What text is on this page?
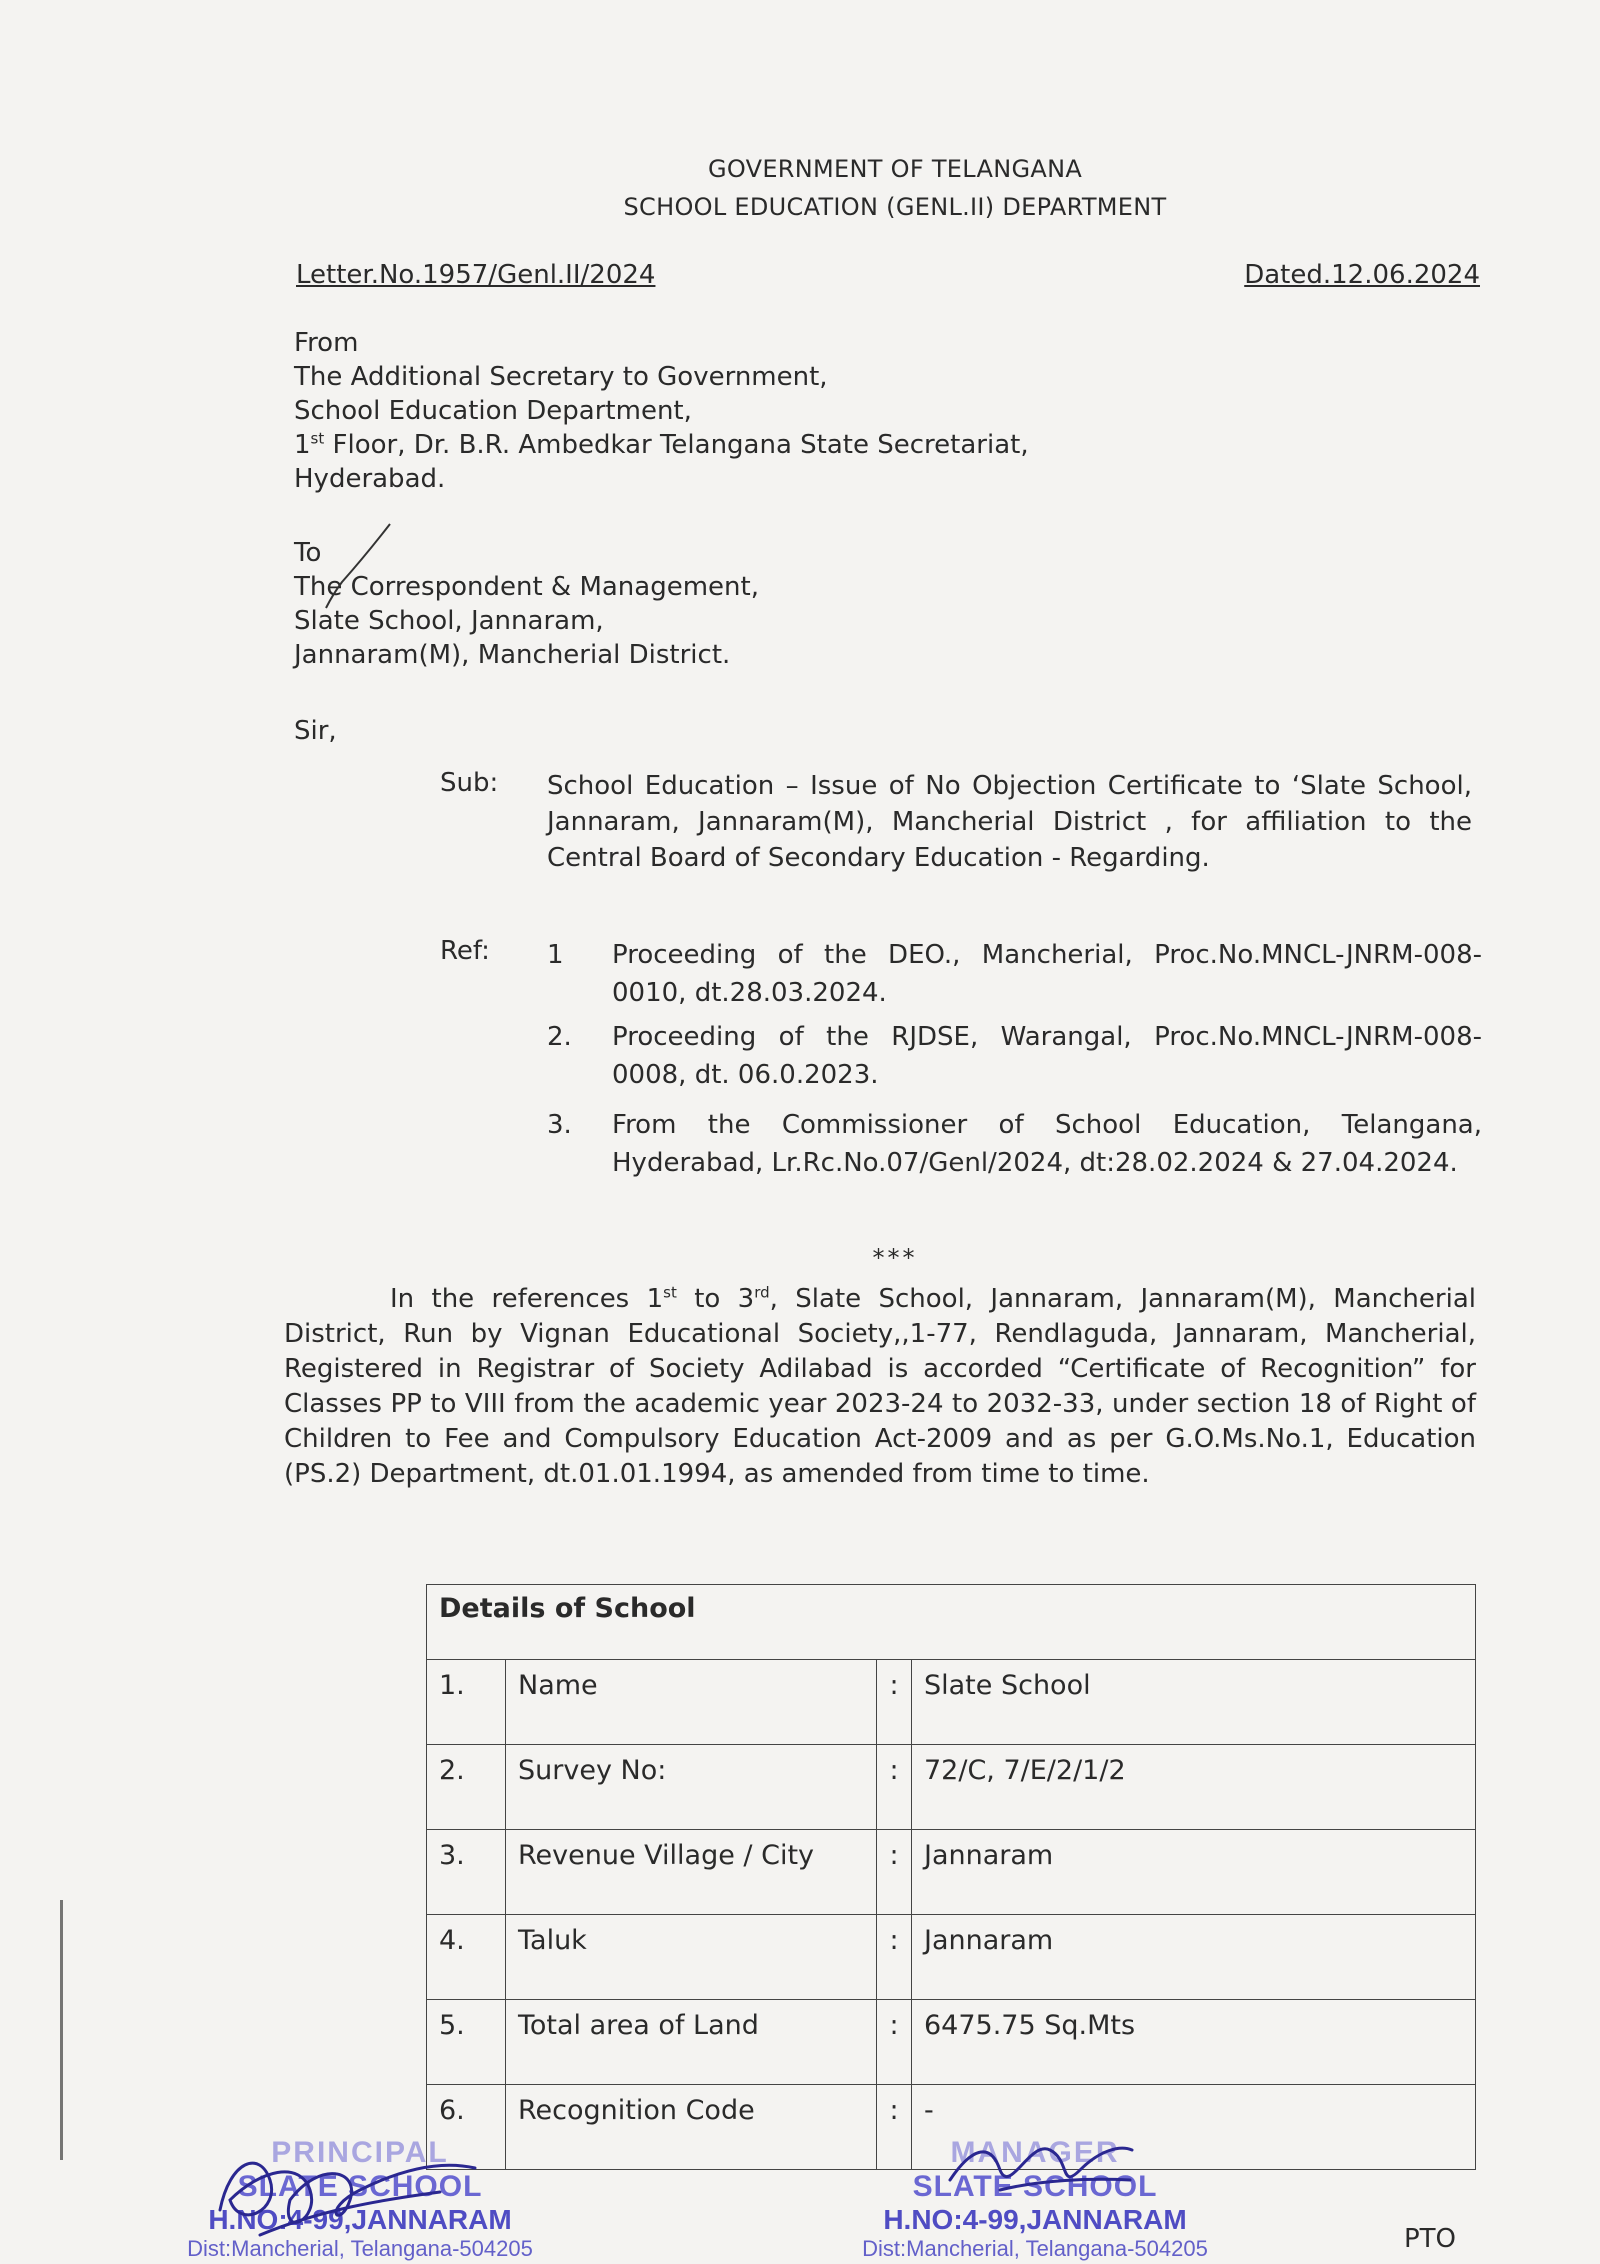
GOVERNMENT OF TELANGANA
SCHOOL EDUCATION (GENL.II) DEPARTMENT
Letter.No.1957/Genl.II/2024	Dated.12.06.2024
From
The Additional Secretary to Government,
School Education Department,
1st Floor, Dr. B.R. Ambedkar Telangana State Secretariat,
Hyderabad.
To
The Correspondent & Management,
Slate School, Jannaram,
Jannaram(M), Mancherial District.
Sir,
Sub: School Education – Issue of No Objection Certificate to ‘Slate School, Jannaram, Jannaram(M), Mancherial District , for affiliation to the Central Board of Secondary Education - Regarding.
Ref: 1	Proceeding of the DEO., Mancherial, Proc.No.MNCL-JNRM-008-0010, dt.28.03.2024.
2.	Proceeding of the RJDSE, Warangal, Proc.No.MNCL-JNRM-008-0008, dt. 06.0.2023.
3.	From the Commissioner of School Education, Telangana, Hyderabad, Lr.Rc.No.07/Genl/2024, dt:28.02.2024 & 27.04.2024.
***
In the references 1st to 3rd, Slate School, Jannaram, Jannaram(M), Mancherial District, Run by Vignan Educational Society,,1-77, Rendlaguda, Jannaram, Mancherial, Registered in Registrar of Society Adilabad is accorded “Certificate of Recognition” for Classes PP to VIII from the academic year 2023-24 to 2032-33, under section 18 of Right of Children to Fee and Compulsory Education Act-2009 and as per G.O.Ms.No.1, Education (PS.2) Department, dt.01.01.1994, as amended from time to time.
Details of School			
1.	Name	:	Slate School
2.	Survey No:	:	72/C, 7/E/2/1/2
3.	Revenue Village / City	:	Jannaram
4.	Taluk	:	Jannaram
5.	Total area of Land	:	6475.75 Sq.Mts
6.	Recognition Code	:	-
PRINCIPAL
SLATE SCHOOL
H.NO:4-99,JANNARAM
Dist:Mancherial, Telangana-504205
MANAGER
SLATE SCHOOL
H.NO:4-99,JANNARAM
Dist:Mancherial, Telangana-504205	PTO
